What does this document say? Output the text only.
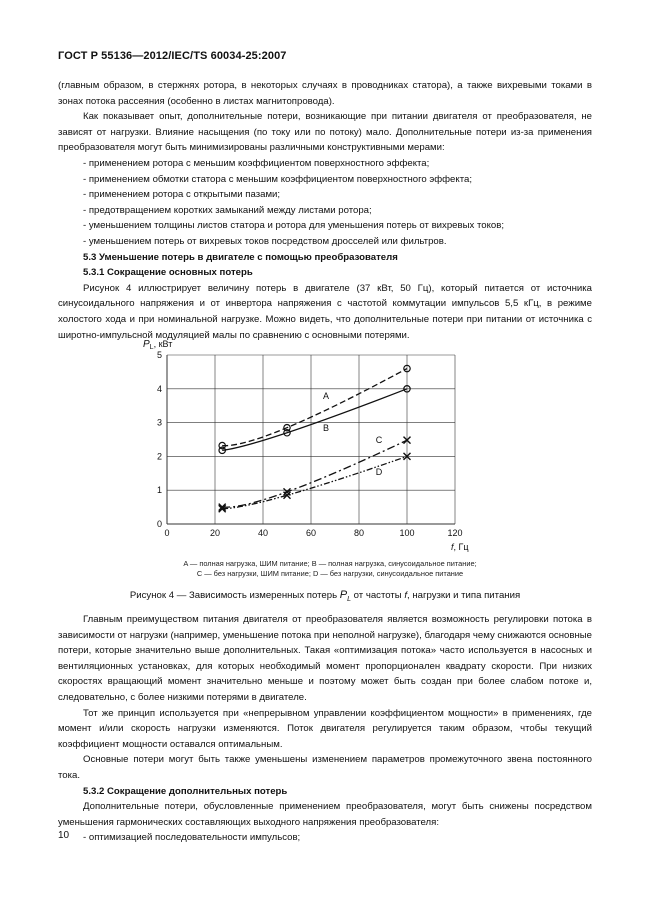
ГОСТ Р 55136—2012/IEC/TS 60034-25:2007
(главным образом, в стержнях ротора, в некоторых случаях в проводниках статора), а также вихревыми токами в зонах потока рассеяния (особенно в листах магнитопровода).
Как показывает опыт, дополнительные потери, возникающие при питании двигателя от преобразователя, не зависят от нагрузки. Влияние насыщения (по току или по потоку) мало. Дополнительные потери из-за применения преобразователя могут быть минимизированы различными конструктивными мерами:
- применением ротора с меньшим коэффициентом поверхностного эффекта;
- применением обмотки статора с меньшим коэффициентом поверхностного эффекта;
- применением ротора с открытыми пазами;
- предотвращением коротких замыканий между листами ротора;
- уменьшением толщины листов статора и ротора для уменьшения потерь от вихревых токов;
- уменьшением потерь от вихревых токов посредством дросселей или фильтров.
5.3 Уменьшение потерь в двигателе с помощью преобразователя
5.3.1 Сокращение основных потерь
Рисунок 4 иллюстрирует величину потерь в двигателе (37 кВт, 50 Гц), который питается от источника синусоидального напряжения и от инвертора напряжения с частотой коммутации импульсов 5,5 кГц, в режиме холостого хода и при номинальной нагрузке. Можно видеть, что дополнительные потери при питании от источника с широтно-импульсной модуляцией малы по сравнению с основными потерями.
0	20	40	60	80	100	120
0
1
2
3
4
5
$P_L$, кВт
f, Гц
A
B
C
D
A — полная нагрузка, ШИМ питание; B — полная нагрузка, синусоидальное питание;
C — без нагрузки, ШИМ питание; D — без нагрузки, синусоидальное питание
Рисунок 4 — Зависимость измеренных потерь $P_L$ от частоты f, нагрузки и типа питания
Главным преимуществом питания двигателя от преобразователя является возможность регулировки потока в зависимости от нагрузки (например, уменьшение потока при неполной нагрузке), благодаря чему снижаются основные потери, которые значительно выше дополнительных. Такая «оптимизация потока» часто используется в насосных и вентиляционных установках, для которых необходимый момент пропорционален квадрату скорости. При низких скоростях вращающий момент значительно меньше и поэтому может быть создан при более слабом потоке и, следовательно, с более низкими потерями в двигателе.
Тот же принцип используется при «непрерывном управлении коэффициентом мощности» в применениях, где момент и/или скорость нагрузки изменяются. Поток двигателя регулируется таким образом, чтобы текущий коэффициент мощности оставался оптимальным.
Основные потери могут быть также уменьшены изменением параметров промежуточного звена постоянного тока.
5.3.2 Сокращение дополнительных потерь
Дополнительные потери, обусловленные применением преобразователя, могут быть снижены посредством уменьшения гармонических составляющих выходного напряжения преобразователя:
- оптимизацией последовательности импульсов;
10
